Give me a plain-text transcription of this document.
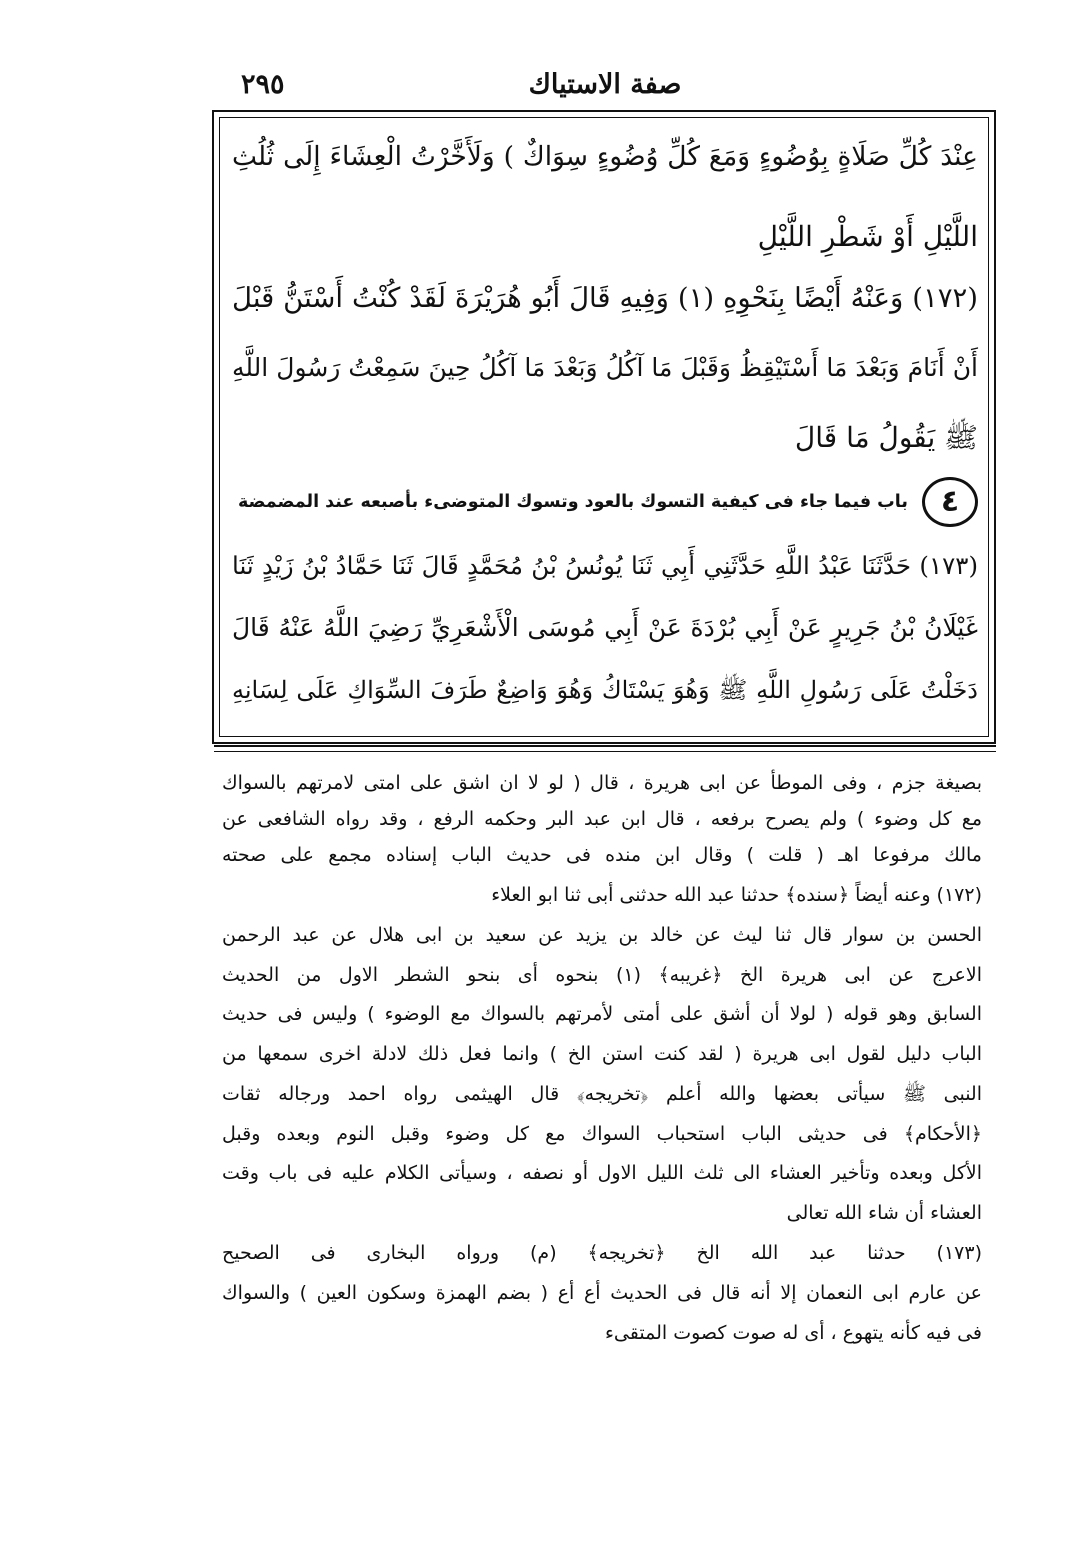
صفة الاستياك
٢٩٥
عِنْدَ كُلِّ صَلَاةٍ بِوُضُوءٍ وَمَعَ كُلِّ وُضُوءٍ سِوَاكٌ ) وَلَأَخَّرْتُ الْعِشَاءَ إِلَى ثُلُثِ
اللَّيْلِ أَوْ شَطْرِ اللَّيْلِ
(١٧٢) وَعَنْهُ أَيْضًا بِنَحْوِهِ (١) وَفِيهِ قَالَ أَبُو هُرَيْرَةَ لَقَدْ كُنْتُ أَسْتَنُّ قَبْلَ
أَنْ أَنَامَ وَبَعْدَ مَا أَسْتَيْقِظُ وَقَبْلَ مَا آكُلُ وَبَعْدَ مَا آكُلُ حِينَ سَمِعْتُ رَسُولَ اللَّهِ
ﷺ يَقُولُ مَا قَالَ
٤ باب فيما جاء فى كيفية التسوك بالعود وتسوك المتوضىء بأصبعه عند المضمضة
(١٧٣) حَدَّثَنَا عَبْدُ اللَّهِ حَدَّثَنِي أَبِي ثَنَا يُونُسُ بْنُ مُحَمَّدٍ قَالَ ثَنَا حَمَّادُ بْنُ زَيْدٍ ثَنَا
غَيْلَانُ بْنُ جَرِيرٍ عَنْ أَبِي بُرْدَةَ عَنْ أَبِي مُوسَى الْأَشْعَرِيِّ رَضِيَ اللَّهُ عَنْهُ قَالَ
دَخَلْتُ عَلَى رَسُولِ اللَّهِ ﷺ وَهُوَ يَسْتَاكُ وَهُوَ وَاضِعٌ طَرَفَ السِّوَاكِ عَلَى لِسَانِهِ
بصيغة جزم ، وفى الموطأ عن ابى هريرة ، قال ( لو لا ان اشق على امتى لامرتهم بالسواك
مع كل وضوء ) ولم يصرح برفعه ، قال ابن عبد البر وحكمه الرفع ، وقد رواه الشافعى عن
مالك مرفوعا اهـ ( قلت ) وقال ابن منده فى حديث الباب إسناده مجمع على صحته
(١٧٢) وعنه أيضاً ﴿سنده﴾ حدثنا عبد الله حدثنى أبى ثنا ابو العلاء
الحسن بن سوار قال ثنا ليث عن خالد بن يزيد عن سعيد بن ابى هلال عن عبد الرحمن
الاعرج عن ابى هريرة الخ ﴿غريبه﴾ (١) بنحوه أى بنحو الشطر الاول من الحديث
السابق وهو قوله ( لولا أن أشق على أمتى لأمرتهم بالسواك مع الوضوء ) وليس فى حديث
الباب دليل لقول ابى هريرة ( لقد كنت استن الخ ) وانما فعل ذلك لادلة اخرى سمعها من
النبى ﷺ سيأتى بعضها والله أعلم ﴿تخريجه﴾ قال الهيثمى رواه احمد ورجاله ثقات
﴿الأحكام﴾ فى حديثى الباب استحباب السواك مع كل وضوء وقبل النوم وبعده وقبل
الأكل وبعده وتأخير العشاء الى ثلث الليل الاول أو نصفه ، وسيأتى الكلام عليه فى باب وقت
العشاء أن شاء الله تعالى
(١٧٣) حدثنا عبد الله الخ ﴿تخريجه﴾ (م) ورواه البخارى فى الصحيح
عن عارم ابى النعمان إلا أنه قال فى الحديث أع أع ( بضم الهمزة وسكون العين ) والسواك
فى فيه كأنه يتهوع ، أى له صوت كصوت المتقىء
